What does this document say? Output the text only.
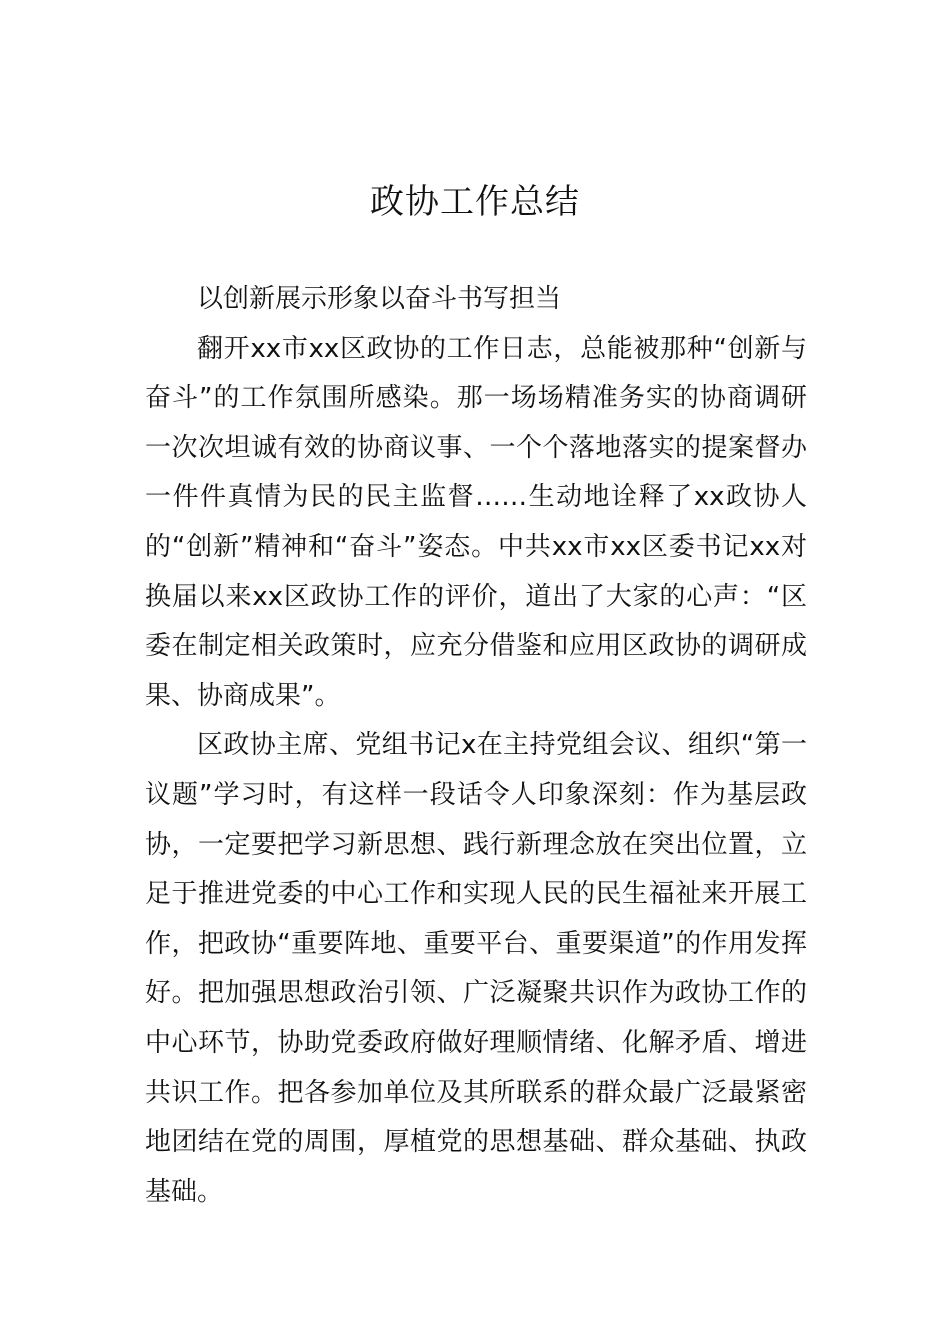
政协工作总结

以创新展示形象以奋斗书写担当

翻开xx市xx区政协的工作日志，总能被那种“创新与奋斗”的工作氛围所感染。那一场场精准务实的协商调研一次次坦诚有效的协商议事、一个个落地落实的提案督办一件件真情为民的民主监督……生动地诠释了xx政协人的“创新”精神和“奋斗”姿态。中共xx市xx区委书记xx对换届以来xx区政协工作的评价，道出了大家的心声：“区委在制定相关政策时，应充分借鉴和应用区政协的调研成果、协商成果”。

区政协主席、党组书记x在主持党组会议、组织“第一议题”学习时，有这样一段话令人印象深刻：作为基层政协，一定要把学习新思想、践行新理念放在突出位置，立足于推进党委的中心工作和实现人民的民生福祉来开展工作，把政协“重要阵地、重要平台、重要渠道”的作用发挥好。把加强思想政治引领、广泛凝聚共识作为政协工作的中心环节，协助党委政府做好理顺情绪、化解矛盾、增进共识工作。把各参加单位及其所联系的群众最广泛最紧密地团结在党的周围，厚植党的思想基础、群众基础、执政基础。
